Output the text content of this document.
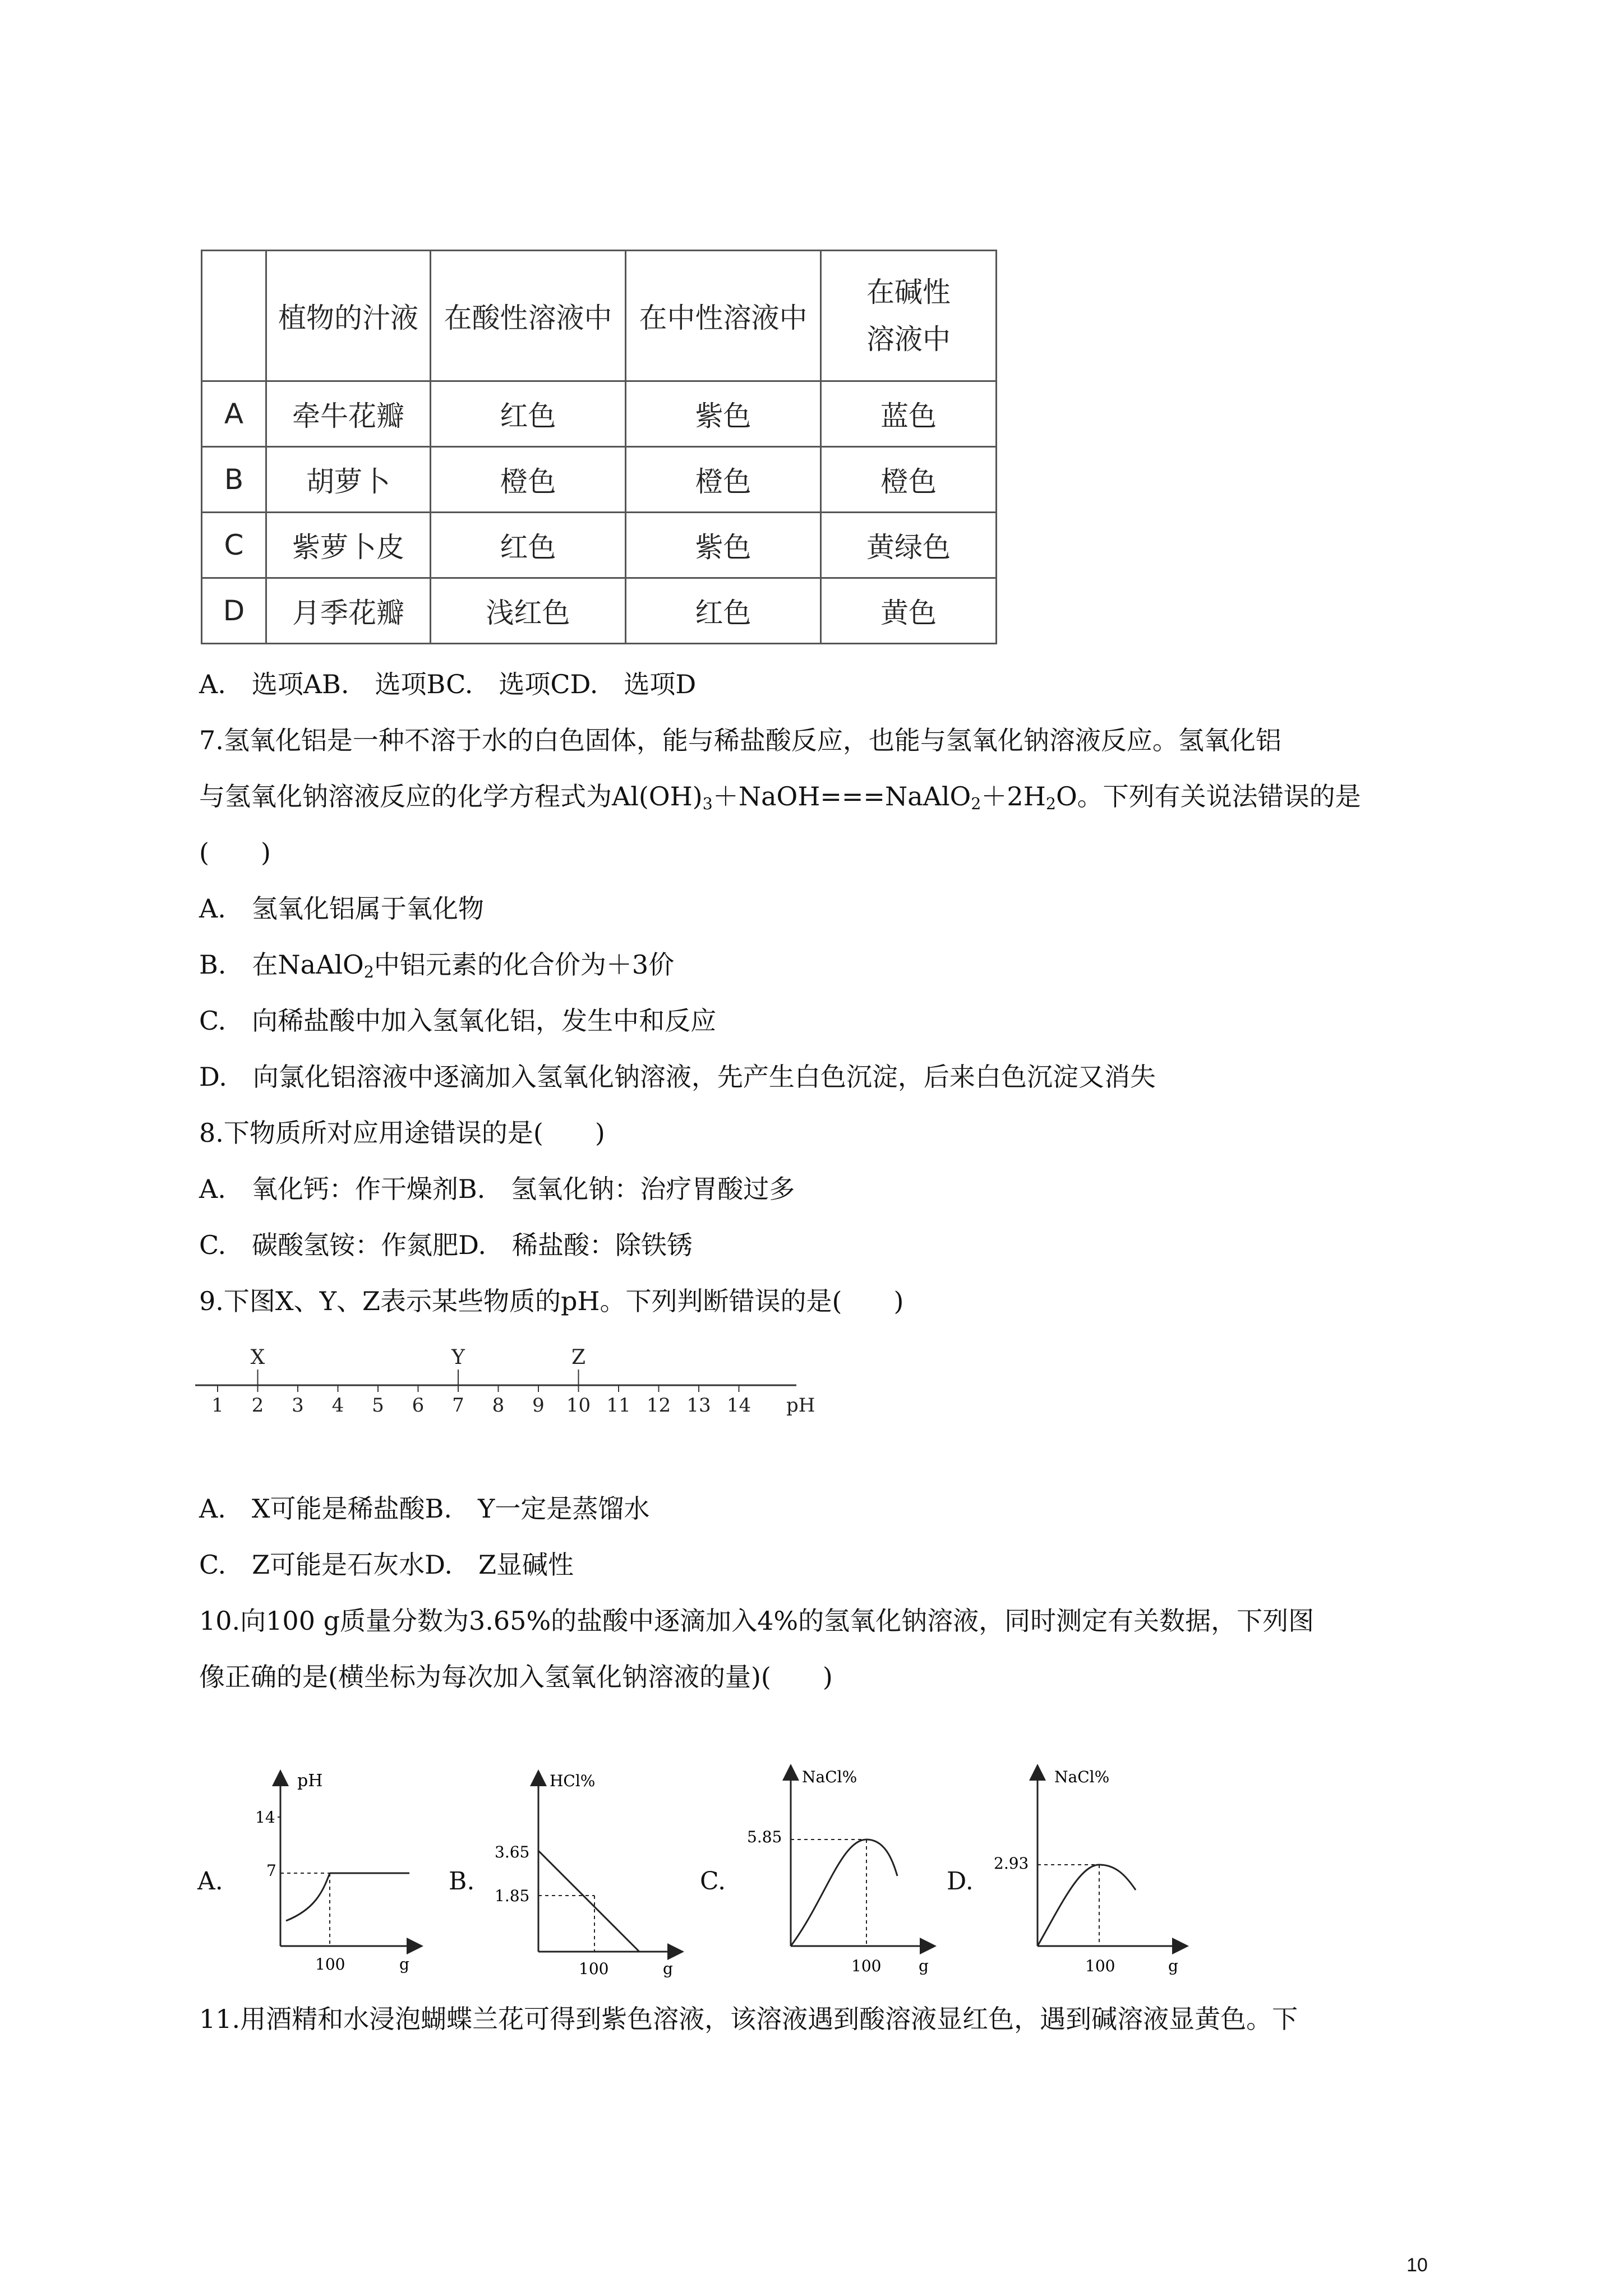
	植物的汁液	在酸性溶液中	在中性溶液中	在碱性
溶液中

A	牵牛花瓣	红色	紫色	蓝色
B	胡萝卜	橙色	橙色	橙色
C	紫萝卜皮	红色	紫色	黄绿色
D	月季花瓣	浅红色	红色	黄色
A.　选项AB.　选项BC.　选项CD.　选项D
7.氢氧化铝是一种不溶于水的白色固体，能与稀盐酸反应，也能与氢氧化钠溶液反应。氢氧化铝
与氢氧化钠溶液反应的化学方程式为$Al(OH)_3+NaOH===NaAlO_2+2H_2O$。下列有关说法错误的是
(　　)
A.　氢氧化铝属于氧化物
B.　在NaAlO$_2$中铝元素的化合价为＋3价
C.　向稀盐酸中加入氢氧化铝，发生中和反应
D.　向氯化铝溶液中逐滴加入氢氧化钠溶液，先产生白色沉淀，后来白色沉淀又消失
8.下物质所对应用途错误的是(　　)
A.　氧化钙：作干燥剂B.　氢氧化钠：治疗胃酸过多
C.　碳酸氢铵：作氮肥D.　稀盐酸：除铁锈
9.下图X、Y、Z表示某些物质的pH。下列判断错误的是(　　)
1 2 3 4 5 6 7 8 9 10 11 12 13 14
X	Y	Z
pH
A.　X可能是稀盐酸B.　Y一定是蒸馏水
C.　Z可能是石灰水D.　Z显碱性
10.向100 g质量分数为3.65%的盐酸中逐滴加入4%的氢氧化钠溶液，同时测定有关数据，下列图
像正确的是(横坐标为每次加入氢氧化钠溶液的量)(　　)
A.	B.	C.	D.
pH
14
7
100	g
HCl%
3.65
1.85
100	g
NaCl%
5.85
100 g
NaCl%
2.93
100	g
11.用酒精和水浸泡蝴蝶兰花可得到紫色溶液，该溶液遇到酸溶液显红色，遇到碱溶液显黄色。下
10
